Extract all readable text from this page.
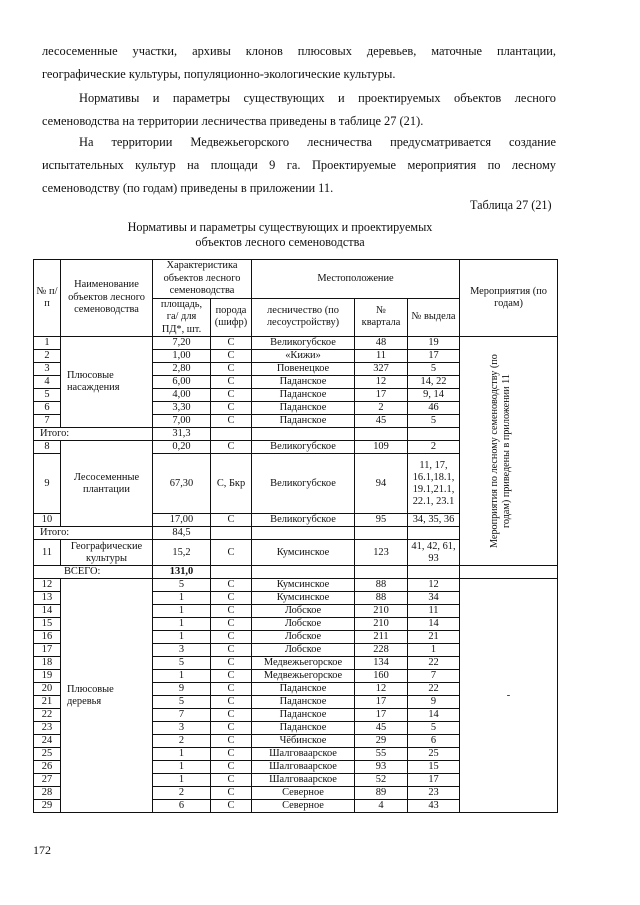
лесосеменные участки, архивы клонов плюсовых деревьев, маточные плантации,
географические культуры, популяционно-экологические культуры.
Нормативы и параметры существующих и проектируемых объектов лесного
семеноводства на территории лесничества приведены в таблице 27 (21).
На территории Медвежьегорского лесничества предусматривается создание
испытательных культур на площади 9 га. Проектируемые мероприятия по лесному
семеноводству (по годам) приведены в приложении 11.
Таблица 27 (21)
Нормативы и параметры существующих и проектируемых
объектов лесного семеноводства
№ п/п	Наименование объектов лесного семеноводства	Характеристика объектов лесного семеноводства		Местоположение			Мероприятия (по годам)
		площадь, га/ для ПД*, шт.	порода (шифр)	лесничество (по лесоустройству)	№ квартала	№ выдела	
1	Плюсовые насаждения	7,20	С	Великогубское	48	19	Мероприятия по лесному семеноводству (по годам) приведены в приложении 11

2		1,00	С	«Кижи»	11	17	
3		2,80	С	Повенецкое	327	5	
4		6,00	С	Паданское	12	14, 22	
5		4,00	С	Паданское	17	9, 14	
6		3,30	С	Паданское	2	46	
7		7,00	С	Паданское	45	5	
Итого:		31,3					
8	Лесосеменные плантации	0,20	С	Великогубское	109	2	
9		67,30	С, Бкр	Великогубское	94	11, 17, 16.1,18.1, 19.1,21.1, 22.1, 23.1	
10		17,00	С	Великогубское	95	34, 35, 36	
Итого:		84,5					
11	Географические культуры	15,2	С	Кумсинское	123	41, 42, 61, 93	
ВСЕГО:		131,0					
12	Плюсовые деревья	5	С	Кумсинское	88	12	-
13		1	С	Кумсинское	88	34	
14		1	С	Лобское	210	11	
15		1	С	Лобское	210	14	
16		1	С	Лобское	211	21	
17		3	С	Лобское	228	1	
18		5	С	Медвежьегорское	134	22	
19		1	С	Медвежьегорское	160	7	
20		9	С	Паданское	12	22	
21		5	С	Паданское	17	9	
22		7	С	Паданское	17	14	
23		3	С	Паданское	45	5	
24		2	С	Чёбинское	29	6	
25		1	С	Шалговаарское	55	25	
26		1	С	Шалговаарское	93	15	
27		1	С	Шалговаарское	52	17	
28		2	С	Северное	89	23	
29		6	С	Северное	4	43	
172
